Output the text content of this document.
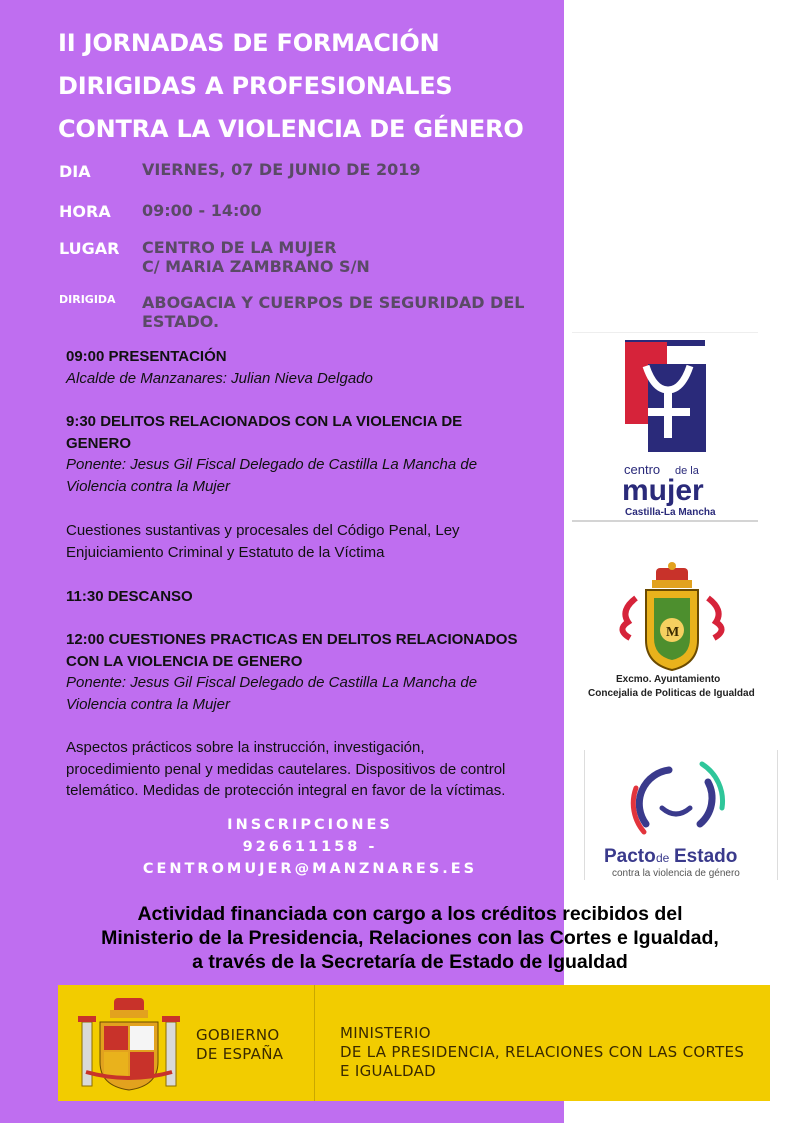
II JORNADAS DE FORMACIÓN
DIRIGIDAS A PROFESIONALES
CONTRA LA VIOLENCIA DE GÉNERO
DIA	VIERNES, 07 DE JUNIO DE 2019
HORA 09:00 - 14:00
LUGAR CENTRO DE LA MUJER
C/ MARIA ZAMBRANO S/N
DIRIGIDA ABOGACIA Y CUERPOS DE SEGURIDAD DEL
ESTADO.

09:00 PRESENTACIÓN

Alcalde de Manzanares: Julian Nieva Delgado

9:30 DELITOS RELACIONADOS CON LA VIOLENCIA DE

GENERO

Ponente: Jesus Gil Fiscal Delegado de Castilla La Mancha de

Violencia contra la Mujer

Cuestiones sustantivas y procesales del Código Penal, Ley

Enjuiciamiento Criminal y Estatuto de la Víctima

11:30 DESCANSO

12:00 CUESTIONES PRACTICAS EN DELITOS RELACIONADOS

CON LA VIOLENCIA DE GENERO

Ponente: Jesus Gil Fiscal Delegado de Castilla La Mancha de

Violencia contra la Mujer

Aspectos prácticos sobre la instrucción, investigación,

procedimiento penal y medidas cautelares. Dispositivos de control

telemático. Medidas de protección integral en favor de la víctimas.

INSCRIPCIONES
926611158 -
CENTROMUJER@MANZNARES.ES
Actividad financiada con cargo a los créditos recibidos del
Ministerio de la Presidencia, Relaciones con las Cortes e Igualdad,
a través de la Secretaría de Estado de Igualdad
centro de la
mujer
Castilla-La Mancha
M
Excmo. Ayuntamiento
Concejalia de Politicas de Igualdad
Pacto de Estado
contra la violencia de género
GOBIERNO
DE ESPAÑA
MINISTERIO
DE LA PRESIDENCIA, RELACIONES CON LAS CORTES
E IGUALDAD
